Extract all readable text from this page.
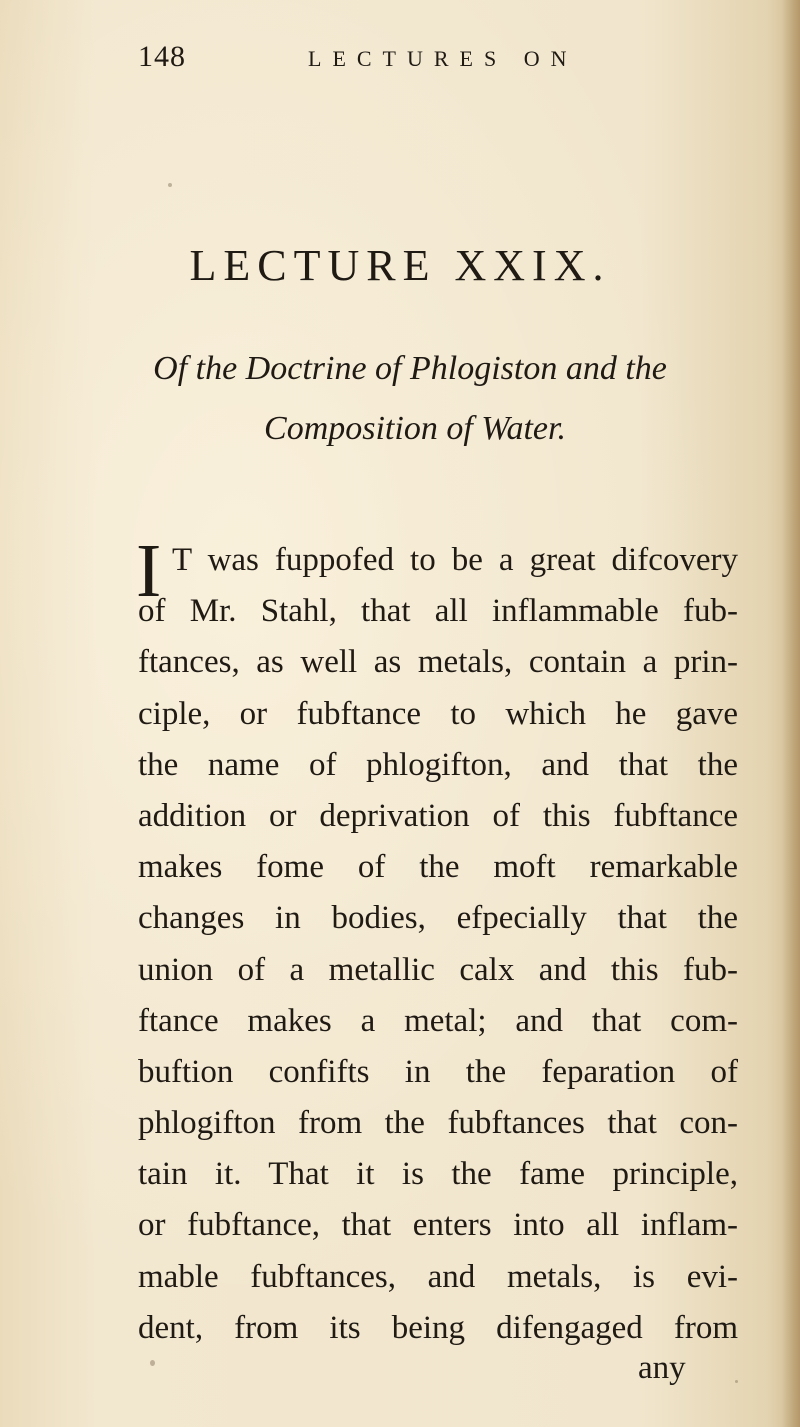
148	LECTURES ON
LECTURE XXIX.
Of the Doctrine of Phlogiston and the
Composition of Water.
I T was fuppofed to be a great difcovery
of Mr. Stahl, that all inflammable fub-
ftances, as well as metals, contain a prin-
ciple, or fubftance to which he gave
the name of phlogifton, and that the
addition or deprivation of this fubftance
makes fome of the moft remarkable
changes in bodies, efpecially that the
union of a metallic calx and this fub-
ftance makes a metal; and that com-
buftion confifts in the feparation of
phlogifton from the fubftances that con-
tain it. That it is the fame principle,
or fubftance, that enters into all inflam-
mable fubftances, and metals, is evi-
dent, from its being difengaged from
any
